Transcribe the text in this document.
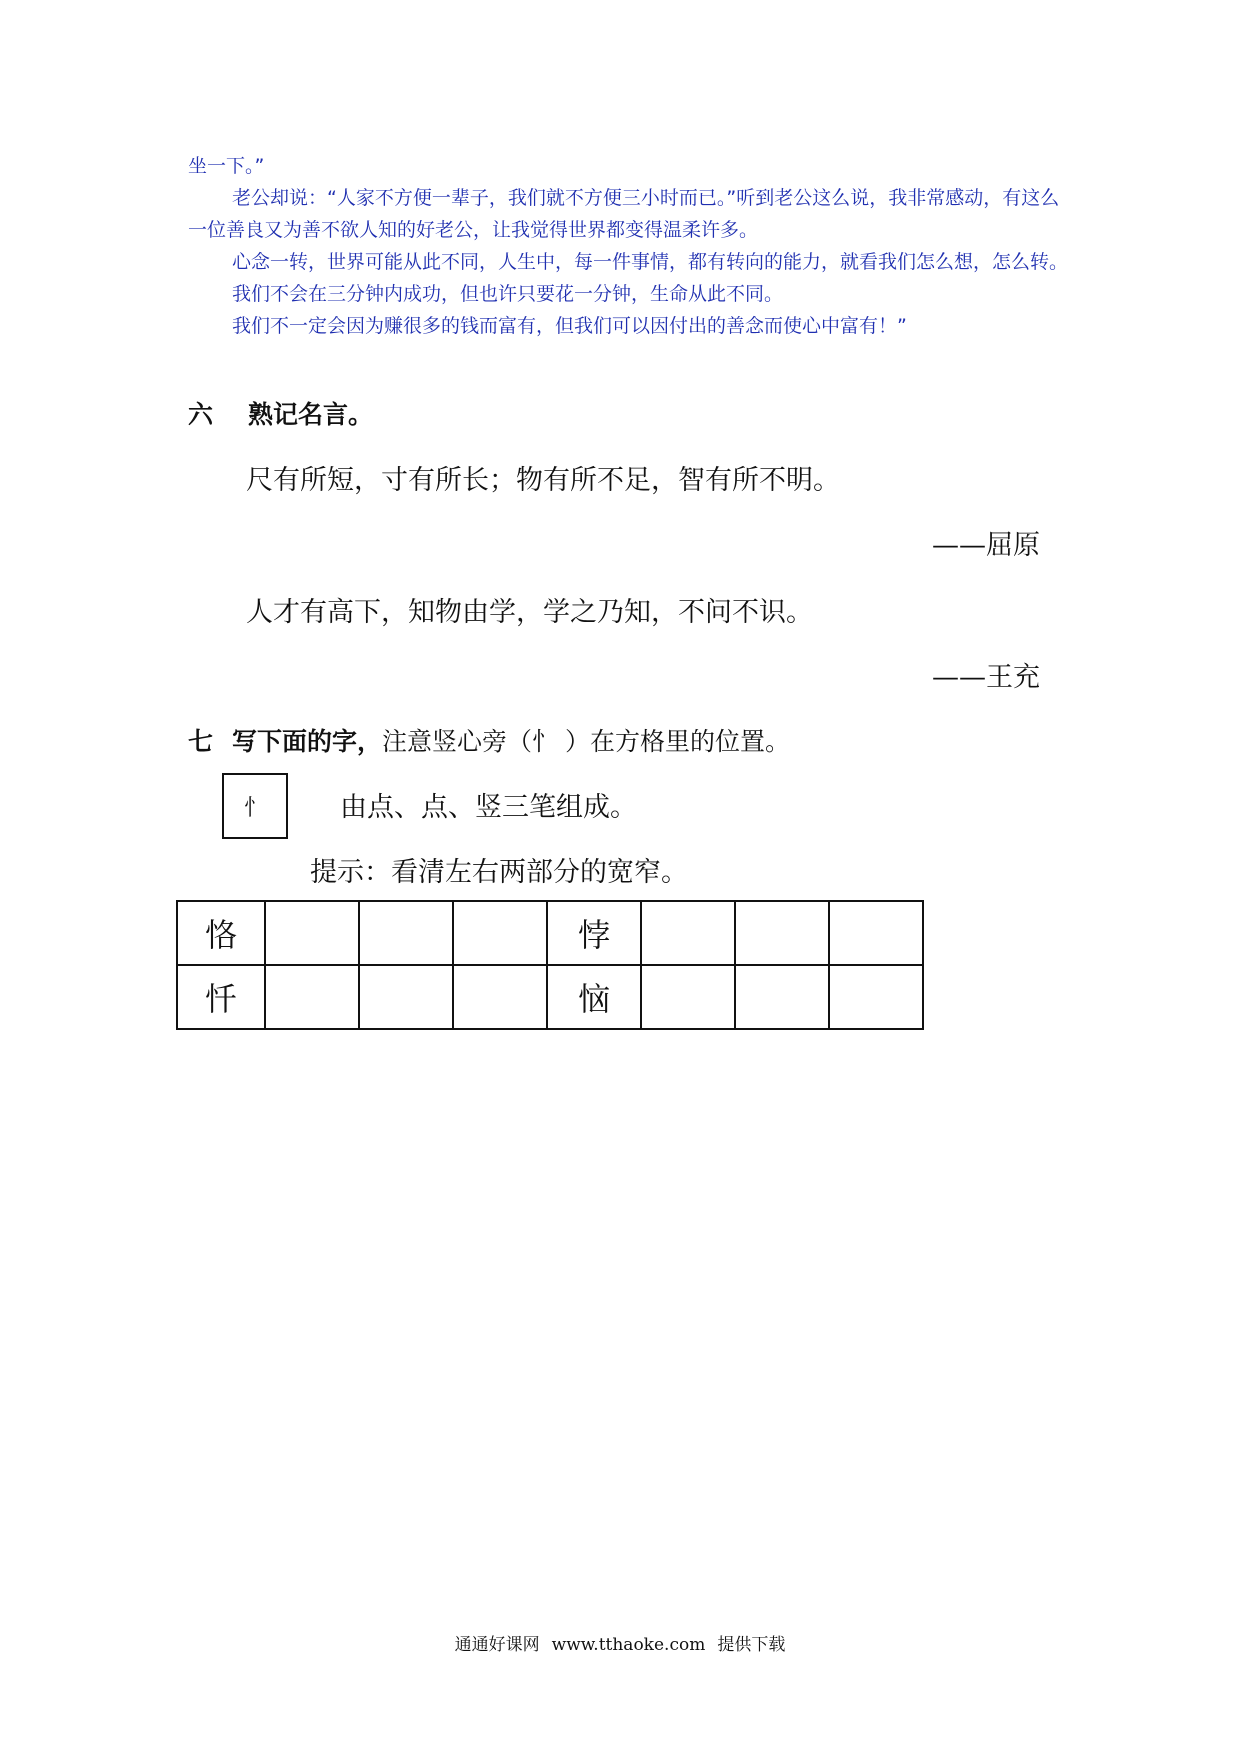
坐一下。”

老公却说：“人家不方便一辈子，我们就不方便三小时而已。”听到老公这么说，我非常感动，有这么一位善良又为善不欲人知的好老公，让我觉得世界都变得温柔许多。

心念一转，世界可能从此不同，人生中，每一件事情，都有转向的能力，就看我们怎么想，怎么转。

我们不会在三分钟内成功，但也许只要花一分钟，生命从此不同。

我们不一定会因为赚很多的钱而富有，但我们可以因付出的善念而使心中富有！”

六 熟记名言。
尺有所短，寸有所长；物有所不足，智有所不明。
——屈原
人才有高下，知物由学，学之乃知，不问不识。
——王充
七 写下面的字，注意竖心旁（忄 ）在方格里的位置。
忄	由点、点、竖三笔组成。
提示：看清左右两部分的宽窄。
恪				悖			
忏				恼			
通通好课网 www.tthaoke.com 提供下载
